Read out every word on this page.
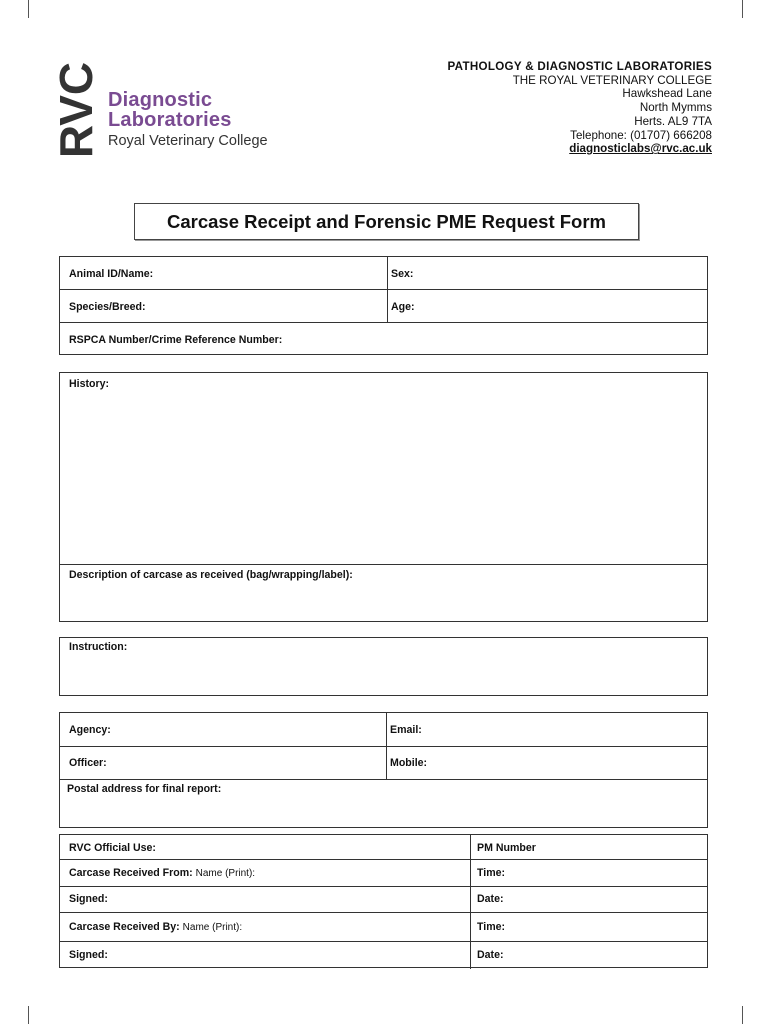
RVC Diagnostic
Laboratories
Royal Veterinary College
PATHOLOGY & DIAGNOSTIC LABORATORIES
THE ROYAL VETERINARY COLLEGE
Hawkshead Lane
North Mymms
Herts. AL9 7TA
Telephone: (01707) 666208
diagnosticlabs@rvc.ac.uk
Carcase Receipt and Forensic PME Request Form
Animal ID/Name:	Sex:
Species/Breed:	Age:
RSPCA Number/Crime Reference Number:
History:
Description of carcase as received (bag/wrapping/label):
Instruction:
Agency:	Email:
Officer:	Mobile:
Postal address for final report:
RVC Official Use:	PM Number
Carcase Received From: Name (Print):	Time:
Signed:	Date:
Carcase Received By: Name (Print):	Time:
Signed:	Date:
